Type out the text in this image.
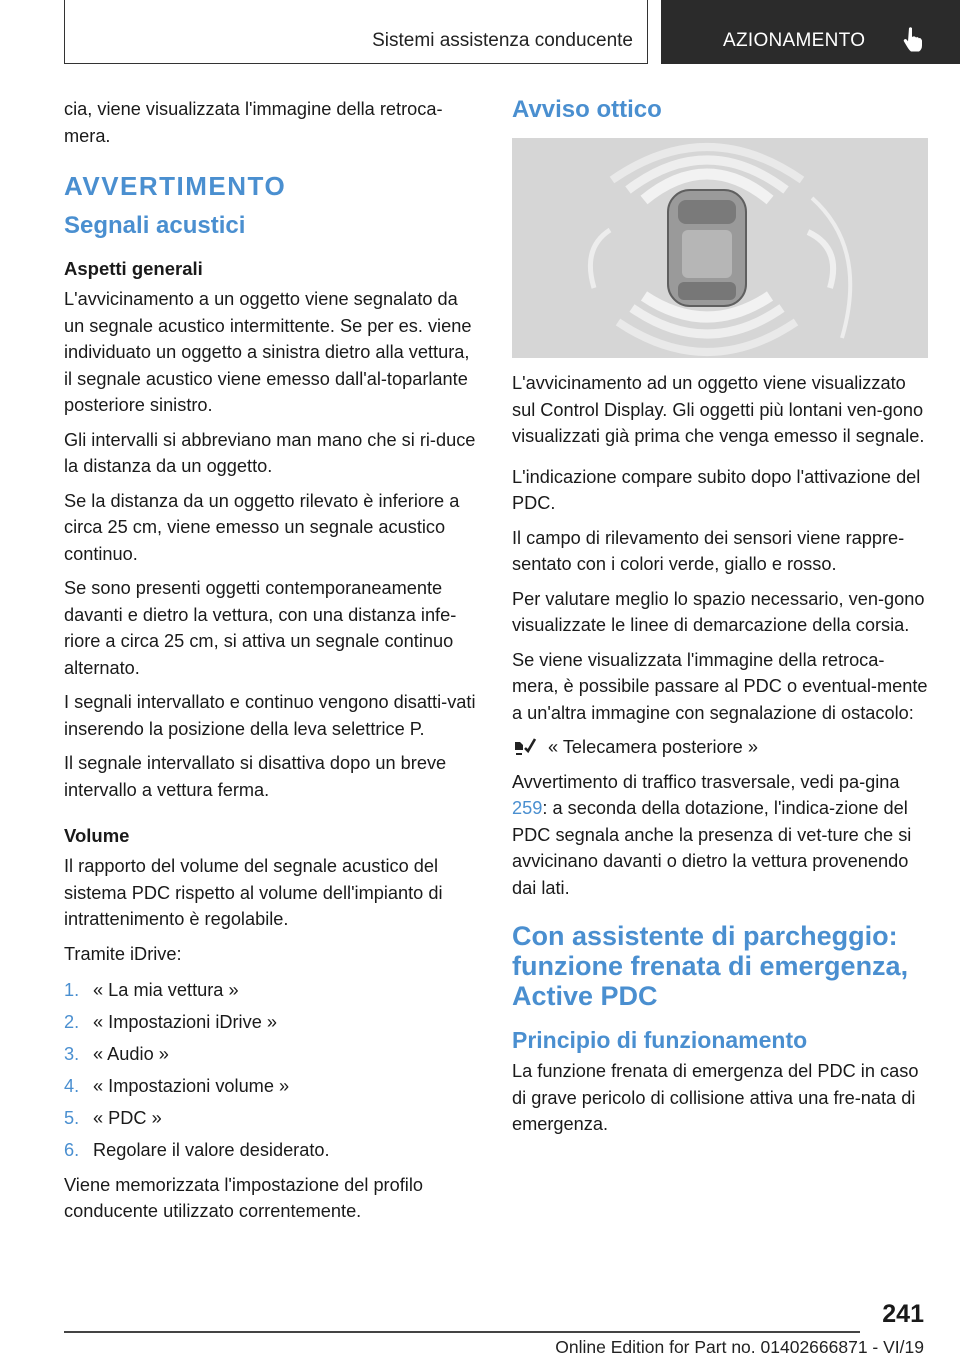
Sistemi assistenza conducente	AZIONAMENTO

cia, viene visualizzata l'immagine della retroca-mera.

AVVERTIMENTO
Segnali acustici
Aspetti generali

L'avvicinamento a un oggetto viene segnalato da un segnale acustico intermittente. Se per es. viene individuato un oggetto a sinistra dietro alla vettura, il segnale acustico viene emesso dall'al-toparlante posteriore sinistro.

Gli intervalli si abbreviano man mano che si ri-duce la distanza da un oggetto.

Se la distanza da un oggetto rilevato è inferiore a circa 25 cm, viene emesso un segnale acustico continuo.

Se sono presenti oggetti contemporaneamente davanti e dietro la vettura, con una distanza infe-riore a circa 25 cm, si attiva un segnale continuo alternato.

I segnali intervallato e continuo vengono disatti-vati inserendo la posizione della leva selettrice P.

Il segnale intervallato si disattiva dopo un breve intervallo a vettura ferma.

Volume

Il rapporto del volume del segnale acustico del sistema PDC rispetto al volume dell'impianto di intrattenimento è regolabile.

Tramite iDrive:

1. « La mia vettura »
2. « Impostazioni iDrive »
3. « Audio »
4. « Impostazioni volume »
5. « PDC »
6. Regolare il valore desiderato.

Viene memorizzata l'impostazione del profilo conducente utilizzato correntemente.

Avviso ottico

L'avvicinamento ad un oggetto viene visualizzato sul Control Display. Gli oggetti più lontani ven-gono visualizzati già prima che venga emesso il segnale.

L'indicazione compare subito dopo l'attivazione del PDC.

Il campo di rilevamento dei sensori viene rappre-sentato con i colori verde, giallo e rosso.

Per valutare meglio lo spazio necessario, ven-gono visualizzate le linee di demarcazione della corsia.

Se viene visualizzata l'immagine della retroca-mera, è possibile passare al PDC o eventual-mente a un'altra immagine con segnalazione di ostacolo:

« Telecamera posteriore »

Avvertimento di traffico trasversale, vedi pa-gina 259: a seconda della dotazione, l'indica-zione del PDC segnala anche la presenza di vet-ture che si avvicinano davanti o dietro la vettura provenendo dai lati.

Con assistente di parcheggio: funzione frenata di emergenza, Active PDC
Principio di funzionamento

La funzione frenata di emergenza del PDC in caso di grave pericolo di collisione attiva una fre-nata di emergenza.

241
Online Edition for Part no. 01402666871 - VI/19
